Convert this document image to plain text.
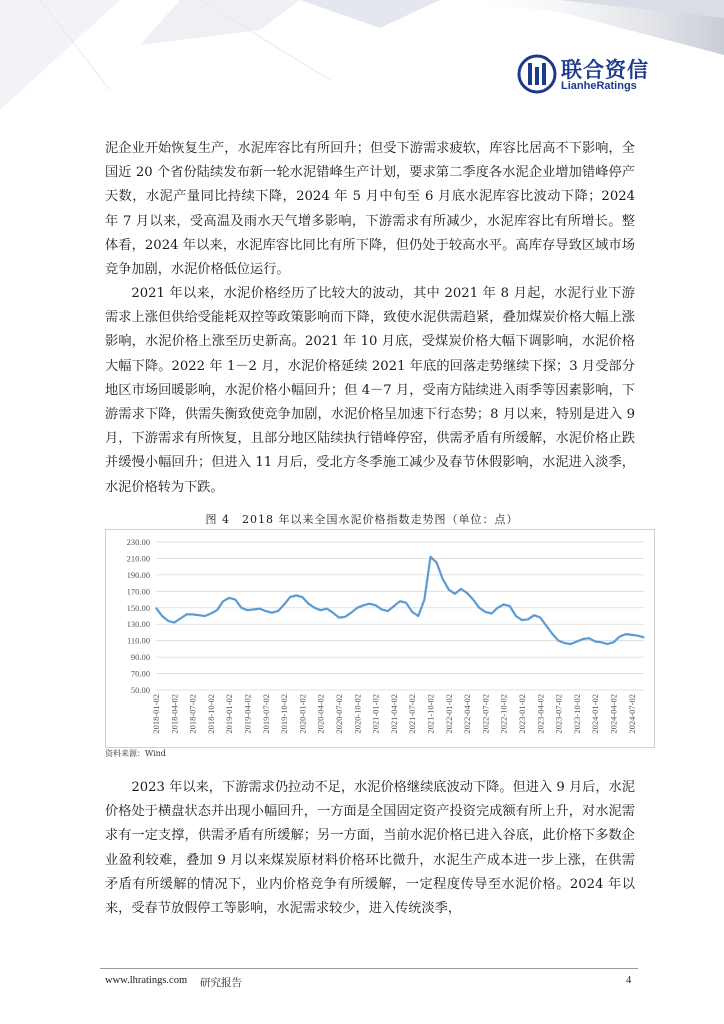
联合资信
LianheRatings

泥企业开始恢复生产，水泥库容比有所回升；但受下游需求疲软，库容比居高不下影响，全国近 20 个省份陆续发布新一轮水泥错峰生产计划，要求第二季度各水泥企业增加错峰停产天数，水泥产量同比持续下降，2024 年 5 月中旬至 6 月底水泥库容比波动下降；2024 年 7 月以来，受高温及雨水天气增多影响，下游需求有所减少，水泥库容比有所增长。整体看，2024 年以来，水泥库容比同比有所下降，但仍处于较高水平。高库存导致区域市场竞争加剧，水泥价格低位运行。

2021 年以来，水泥价格经历了比较大的波动，其中 2021 年 8 月起，水泥行业下游需求上涨但供给受能耗双控等政策影响而下降，致使水泥供需趋紧，叠加煤炭价格大幅上涨影响，水泥价格上涨至历史新高。2021 年 10 月底，受煤炭价格大幅下调影响，水泥价格大幅下降。2022 年 1－2 月，水泥价格延续 2021 年底的回落走势继续下探；3 月受部分地区市场回暖影响，水泥价格小幅回升；但 4－7 月，受南方陆续进入雨季等因素影响，下游需求下降，供需失衡致使竞争加剧，水泥价格呈加速下行态势；8 月以来，特别是进入 9 月，下游需求有所恢复，且部分地区陆续执行错峰停窑，供需矛盾有所缓解，水泥价格止跌并缓慢小幅回升；但进入 11 月后，受北方冬季施工减少及春节休假影响，水泥进入淡季，水泥价格转为下跌。

图 4　2018 年以来全国水泥价格指数走势图（单位：点）
230.00
210.00
190.00
170.00
150.00
130.00
110.00
90.00
70.00
50.00
2018-01-02 2018-04-02 2018-07-02 2018-10-02 2019-01-02 2019-04-02 2019-07-02 2019-10-02 2020-01-02 2020-04-02 2020-07-02 2020-10-02 2021-01-02 2021-04-02 2021-07-02 2021-10-02 2022-01-02 2022-04-02 2022-07-02 2022-10-02 2023-01-02 2023-04-02 2023-07-02 2023-10-02 2024-01-02 2024-04-02 2024-07-02
资料来源：Wind

2023 年以来，下游需求仍拉动不足，水泥价格继续底波动下降。但进入 9 月后，水泥价格处于横盘状态并出现小幅回升，一方面是全国固定资产投资完成额有所上升，对水泥需求有一定支撑，供需矛盾有所缓解；另一方面，当前水泥价格已进入谷底，此价格下多数企业盈利较难，叠加 9 月以来煤炭原材料价格环比微升，水泥生产成本进一步上涨，在供需矛盾有所缓解的情况下，业内价格竞争有所缓解，一定程度传导至水泥价格。2024 年以来，受春节放假停工等影响，水泥需求较少，进入传统淡季，

www.lhratings.com 研究报告	4
